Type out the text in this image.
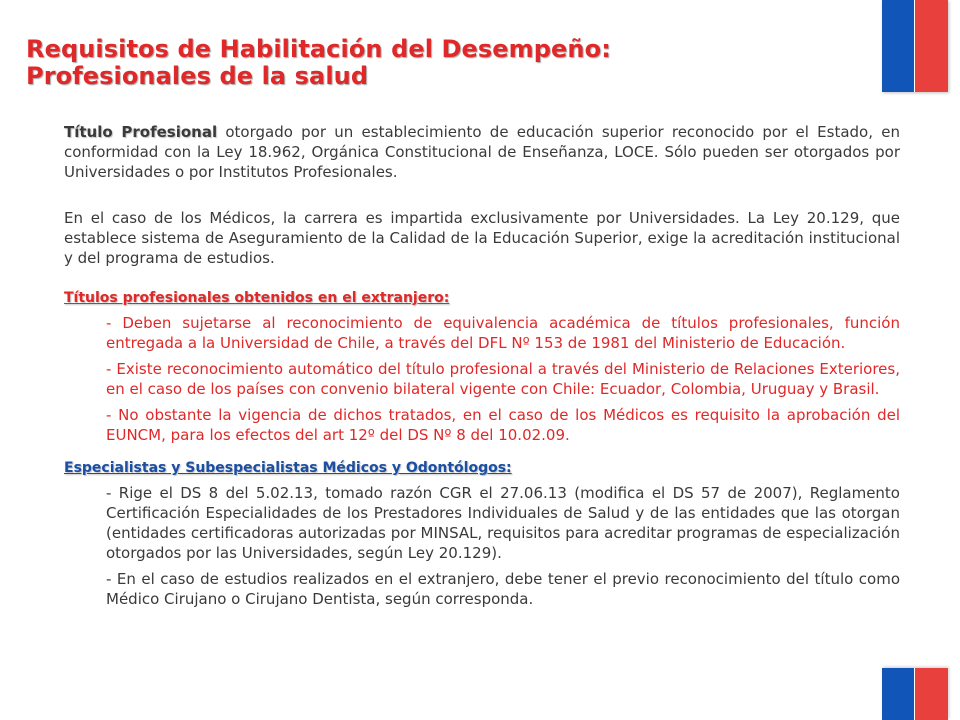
Requisitos de Habilitación del Desempeño:
Profesionales de la salud

Título Profesional otorgado por un establecimiento de educación superior reconocido por el Estado, en conformidad con la Ley 18.962, Orgánica Constitucional de Enseñanza, LOCE. Sólo pueden ser otorgados por Universidades o por Institutos Profesionales.

En el caso de los Médicos, la carrera es impartida exclusivamente por Universidades. La Ley 20.129, que establece sistema de Aseguramiento de la Calidad de la Educación Superior, exige la acreditación institucional y del programa de estudios.

Títulos profesionales obtenidos en el extranjero:

- Deben sujetarse al reconocimiento de equivalencia académica de títulos profesionales, función entregada a la Universidad de Chile, a través del DFL Nº 153 de 1981 del Ministerio de Educación.

- Existe reconocimiento automático del título profesional a través del Ministerio de Relaciones Exteriores, en el caso de los países con convenio bilateral vigente con Chile: Ecuador, Colombia, Uruguay y Brasil.

- No obstante la vigencia de dichos tratados, en el caso de los Médicos es requisito la aprobación del EUNCM, para los efectos del art 12º del DS Nº 8 del 10.02.09.

Especialistas y Subespecialistas Médicos y Odontólogos:

- Rige el DS 8 del 5.02.13, tomado razón CGR el 27.06.13 (modifica el DS 57 de 2007), Reglamento Certificación Especialidades de los Prestadores Individuales de Salud y de las entidades que las otorgan (entidades certificadoras autorizadas por MINSAL, requisitos para acreditar programas de especialización otorgados por las Universidades, según Ley 20.129).

- En el caso de estudios realizados en el extranjero, debe tener el previo reconocimiento del título como Médico Cirujano o Cirujano Dentista, según corresponda.
